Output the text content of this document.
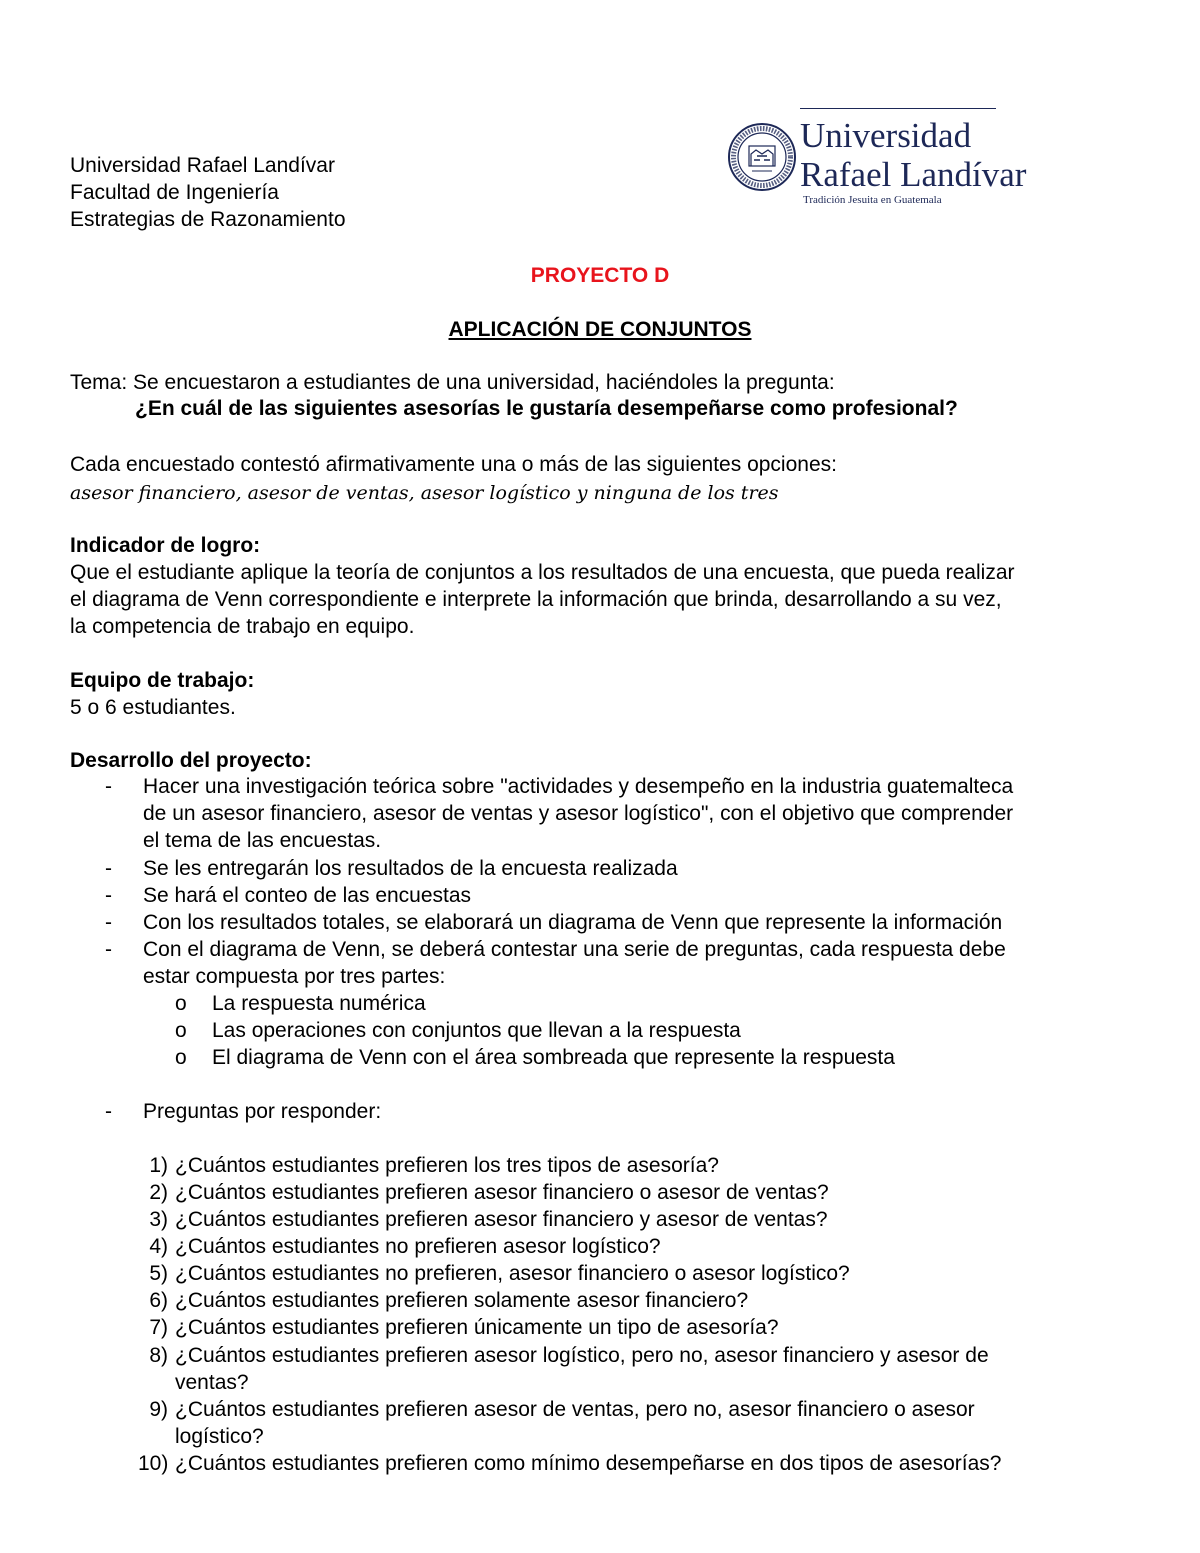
Universidad Rafael Landívar
Facultad de Ingeniería
Estrategias de Razonamiento
Universidad
Rafael Landívar
Tradición Jesuita en Guatemala
PROYECTO D
APLICACIÓN DE CONJUNTOS
Tema: Se encuestaron a estudiantes de una universidad, haciéndoles la pregunta:
¿En cuál de las siguientes asesorías le gustaría desempeñarse como profesional?
Cada encuestado contestó afirmativamente una o más de las siguientes opciones:
asesor financiero, asesor de ventas, asesor logístico y ninguna de los tres
Indicador de logro:
Que el estudiante aplique la teoría de conjuntos a los resultados de una encuesta, que pueda realizar
el diagrama de Venn correspondiente e interprete la información que brinda, desarrollando a su vez,
la competencia de trabajo en equipo.
Equipo de trabajo:
5 o 6 estudiantes.
Desarrollo del proyecto:
- Hacer una investigación teórica sobre "actividades y desempeño en la industria guatemalteca
de un asesor financiero, asesor de ventas y asesor logístico", con el objetivo que comprender
el tema de las encuestas.
- Se les entregarán los resultados de la encuesta realizada
- Se hará el conteo de las encuestas
- Con los resultados totales, se elaborará un diagrama de Venn que represente la información
- Con el diagrama de Venn, se deberá contestar una serie de preguntas, cada respuesta debe
estar compuesta por tres partes:
o La respuesta numérica
o Las operaciones con conjuntos que llevan a la respuesta
o El diagrama de Venn con el área sombreada que represente la respuesta
- Preguntas por responder:
1) ¿Cuántos estudiantes prefieren los tres tipos de asesoría?
2) ¿Cuántos estudiantes prefieren asesor financiero o asesor de ventas?
3) ¿Cuántos estudiantes prefieren asesor financiero y asesor de ventas?
4) ¿Cuántos estudiantes no prefieren asesor logístico?
5) ¿Cuántos estudiantes no prefieren, asesor financiero o asesor logístico?
6) ¿Cuántos estudiantes prefieren solamente asesor financiero?
7) ¿Cuántos estudiantes prefieren únicamente un tipo de asesoría?
8) ¿Cuántos estudiantes prefieren asesor logístico, pero no, asesor financiero y asesor de
ventas?
9) ¿Cuántos estudiantes prefieren asesor de ventas, pero no, asesor financiero o asesor
logístico?
10) ¿Cuántos estudiantes prefieren como mínimo desempeñarse en dos tipos de asesorías?
